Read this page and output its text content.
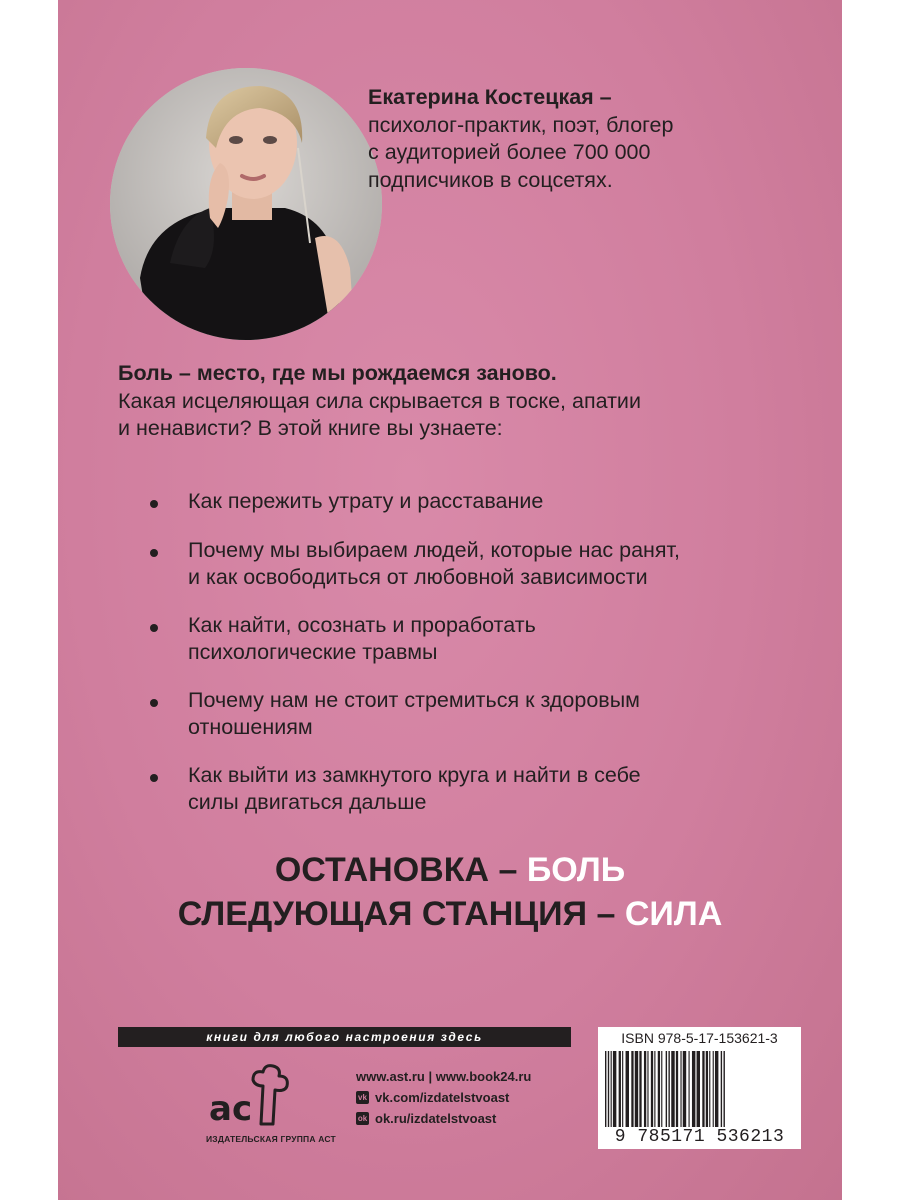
Екатерина Костецкая –
психолог-практик, поэт, блогер
с аудиторией более 700 000
подписчиков в соцсетях.
Боль – место, где мы рождаемся заново.
Какая исцеляющая сила скрывается в тоске, апатии
и ненависти? В этой книге вы узнаете:
Как пережить утрату и расставание
Почему мы выбираем людей, которые нас ранят,
и как освободиться от любовной зависимости
Как найти, осознать и проработать
психологические травмы
Почему нам не стоит стремиться к здоровым
отношениям
Как выйти из замкнутого круга и найти в себе
силы двигаться дальше
ОСТАНОВКА – БОЛЬ
СЛЕДУЮЩАЯ СТАНЦИЯ – СИЛА
книги для любого настроения здесь
ac
ИЗДАТЕЛЬСКАЯ ГРУППА АСТ
www.ast.ru | www.book24.ru
vk vk.com/izdatelstvoast
ok ok.ru/izdatelstvoast
ISBN 978-5-17-153621-3
9 785171 536213
